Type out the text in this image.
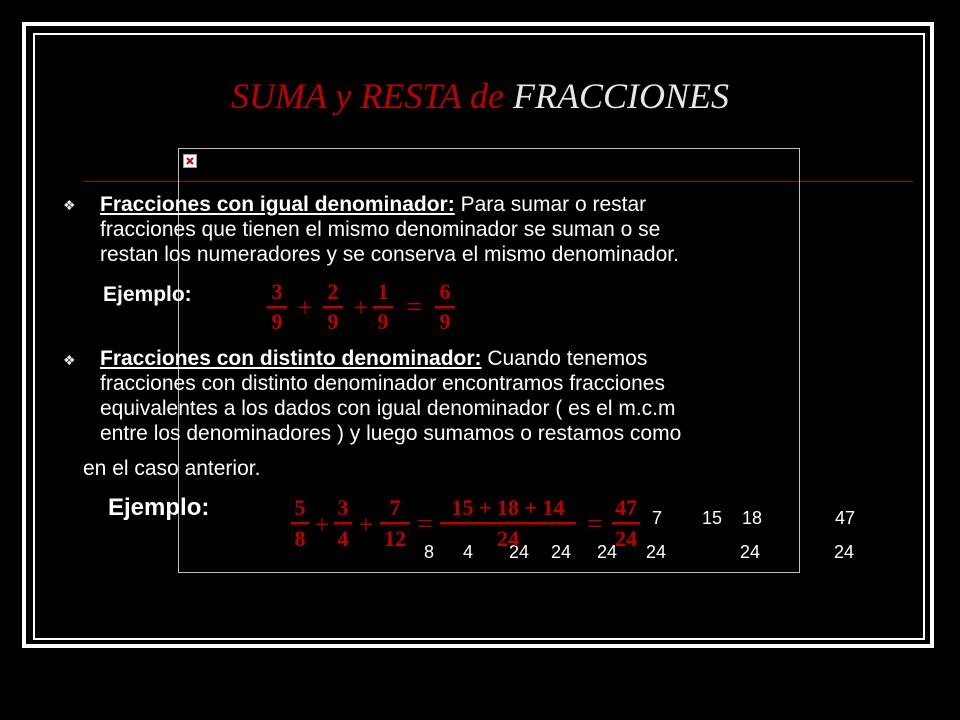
SUMA y RESTA de FRACCIONES
❖ Fracciones con igual denominador: Para sumar o restar
fracciones que tienen el mismo denominador se suman o se
restan los numeradores y se conserva el mismo denominador.
Ejemplo:	3
9 +
2
9 +
1
9 =
6
9
❖ Fracciones con distinto denominador: Cuando tenemos
fracciones con distinto denominador encontramos fracciones
equivalentes a los dados con igual denominador ( es el m.c.m
entre los denominadores ) y luego sumamos o restamos como
en el caso anterior.
Ejemplo:
8 4 24 24 24 24	24
7 15 18	47
24
5
8 +
3
4 +
7
12 =
15 + 18 + 14
24 =
47
24
